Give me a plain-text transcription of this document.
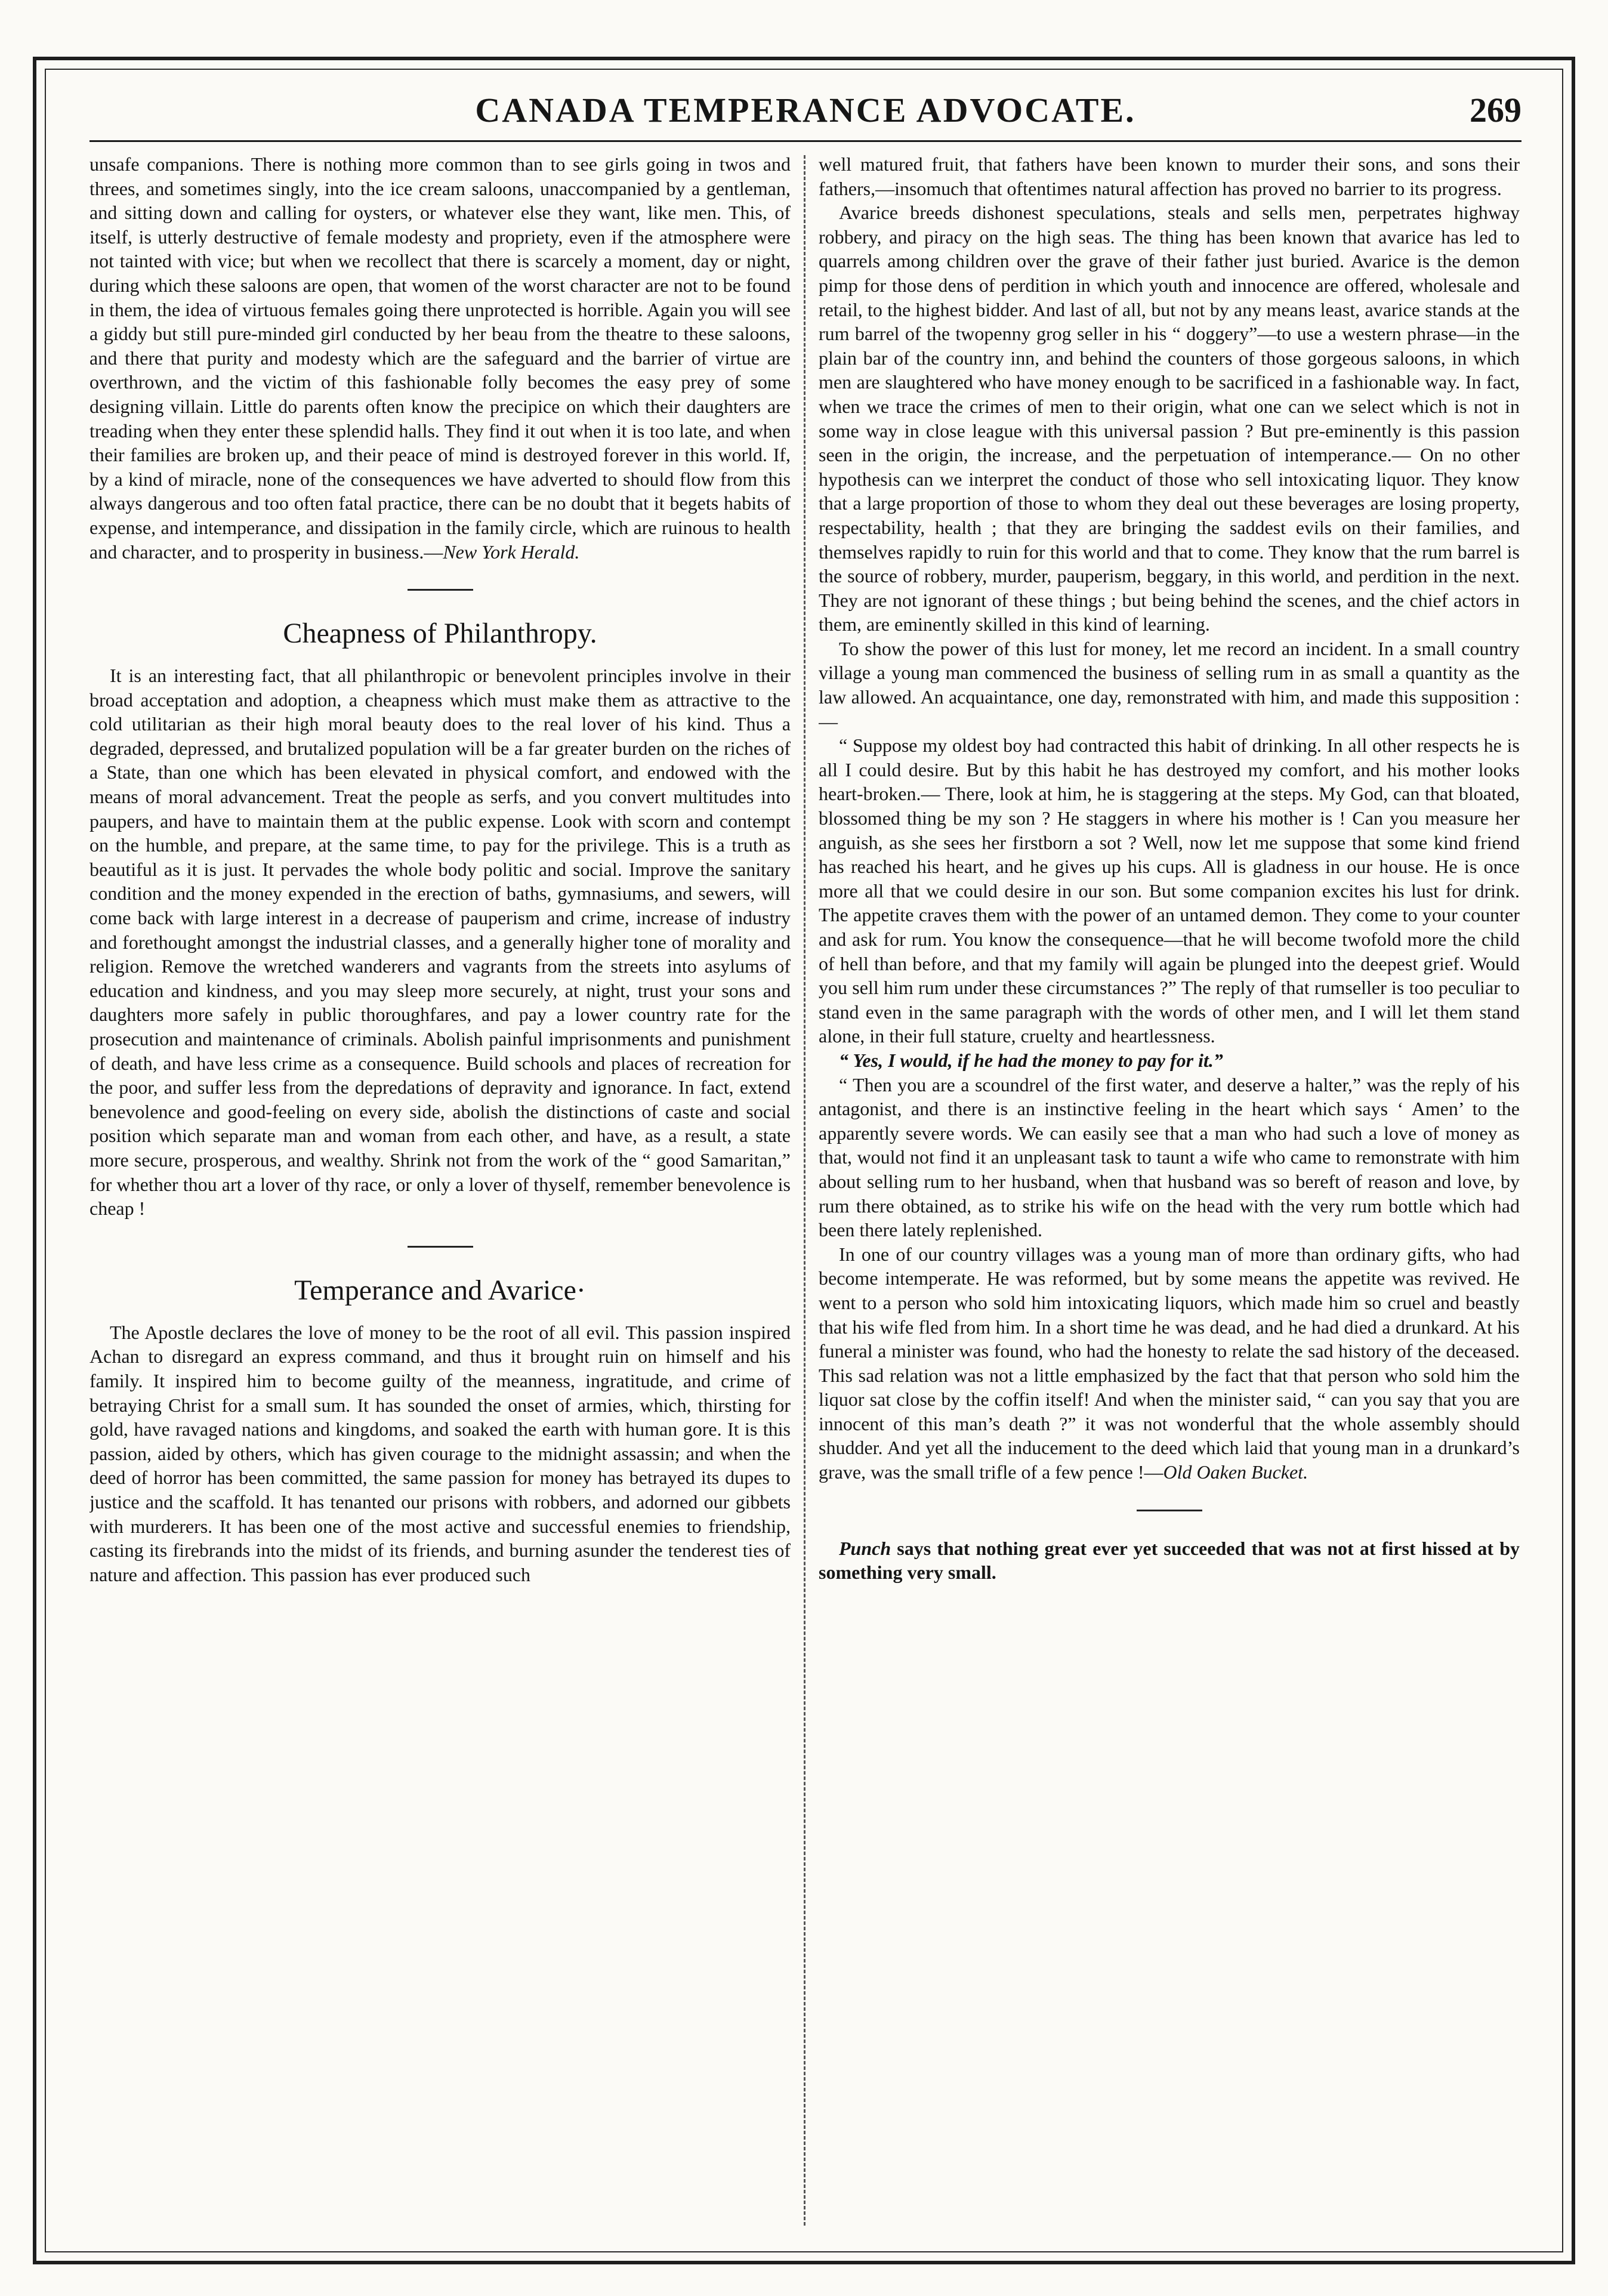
CANADA TEMPERANCE ADVOCATE.	269

unsafe companions. There is nothing more common than to see girls going in twos and threes, and sometimes singly, into the ice cream saloons, unaccompanied by a gentleman, and sitting down and calling for oysters, or whatever else they want, like men. This, of itself, is utterly destructive of female modesty and propriety, even if the atmosphere were not tainted with vice; but when we recollect that there is scarcely a moment, day or night, during which these saloons are open, that women of the worst character are not to be found in them, the idea of virtuous females going there unprotected is horrible. Again you will see a giddy but still pure-minded girl conducted by her beau from the theatre to these saloons, and there that purity and modesty which are the safeguard and the barrier of virtue are overthrown, and the victim of this fashionable folly becomes the easy prey of some designing villain. Little do parents often know the precipice on which their daughters are treading when they enter these splendid halls. They find it out when it is too late, and when their families are broken up, and their peace of mind is destroyed forever in this world. If, by a kind of miracle, none of the consequences we have adverted to should flow from this always dangerous and too often fatal practice, there can be no doubt that it begets habits of expense, and intemperance, and dissipation in the family circle, which are ruinous to health and character, and to prosperity in business.—New York Herald.

Cheapness of Philanthropy.

It is an interesting fact, that all philanthropic or benevolent principles involve in their broad acceptation and adoption, a cheapness which must make them as attractive to the cold utilitarian as their high moral beauty does to the real lover of his kind. Thus a degraded, depressed, and brutalized population will be a far greater burden on the riches of a State, than one which has been elevated in physical comfort, and endowed with the means of moral advancement. Treat the people as serfs, and you convert multitudes into paupers, and have to maintain them at the public expense. Look with scorn and contempt on the humble, and prepare, at the same time, to pay for the privilege. This is a truth as beautiful as it is just. It pervades the whole body politic and social. Improve the sanitary condition and the money expended in the erection of baths, gymnasiums, and sewers, will come back with large interest in a decrease of pauperism and crime, increase of industry and forethought amongst the industrial classes, and a generally higher tone of morality and religion. Remove the wretched wanderers and vagrants from the streets into asylums of education and kindness, and you may sleep more securely, at night, trust your sons and daughters more safely in public thoroughfares, and pay a lower country rate for the prosecution and maintenance of criminals. Abolish painful imprisonments and punishment of death, and have less crime as a consequence. Build schools and places of recreation for the poor, and suffer less from the depredations of depravity and ignorance. In fact, extend benevolence and good-feeling on every side, abolish the distinctions of caste and social position which separate man and woman from each other, and have, as a result, a state more secure, prosperous, and wealthy. Shrink not from the work of the “ good Samaritan,” for whether thou art a lover of thy race, or only a lover of thyself, remember benevolence is cheap !

Temperance and Avarice·

The Apostle declares the love of money to be the root of all evil. This passion inspired Achan to disregard an express command, and thus it brought ruin on himself and his family. It inspired him to become guilty of the meanness, ingratitude, and crime of betraying Christ for a small sum. It has sounded the onset of armies, which, thirsting for gold, have ravaged nations and kingdoms, and soaked the earth with human gore. It is this passion, aided by others, which has given courage to the midnight assassin; and when the deed of horror has been committed, the same passion for money has betrayed its dupes to justice and the scaffold. It has tenanted our prisons with robbers, and adorned our gibbets with murderers. It has been one of the most active and successful enemies to friendship, casting its firebrands into the midst of its friends, and burning asunder the tenderest ties of nature and affection. This passion has ever produced such

well matured fruit, that fathers have been known to murder their sons, and sons their fathers,—insomuch that oftentimes natural affection has proved no barrier to its progress.

Avarice breeds dishonest speculations, steals and sells men, perpetrates highway robbery, and piracy on the high seas. The thing has been known that avarice has led to quarrels among children over the grave of their father just buried. Avarice is the demon pimp for those dens of perdition in which youth and innocence are offered, wholesale and retail, to the highest bidder. And last of all, but not by any means least, avarice stands at the rum barrel of the twopenny grog seller in his “ doggery”—to use a western phrase—in the plain bar of the country inn, and behind the counters of those gorgeous saloons, in which men are slaughtered who have money enough to be sacrificed in a fashionable way. In fact, when we trace the crimes of men to their origin, what one can we select which is not in some way in close league with this universal passion ? But pre-eminently is this passion seen in the origin, the increase, and the perpetuation of intemperance.— On no other hypothesis can we interpret the conduct of those who sell intoxicating liquor. They know that a large proportion of those to whom they deal out these beverages are losing property, respectability, health ; that they are bringing the saddest evils on their families, and themselves rapidly to ruin for this world and that to come. They know that the rum barrel is the source of robbery, murder, pauperism, beggary, in this world, and perdition in the next. They are not ignorant of these things ; but being behind the scenes, and the chief actors in them, are eminently skilled in this kind of learning.

To show the power of this lust for money, let me record an incident. In a small country village a young man commenced the business of selling rum in as small a quantity as the law allowed. An acquaintance, one day, remonstrated with him, and made this supposition :—

“ Suppose my oldest boy had contracted this habit of drinking. In all other respects he is all I could desire. But by this habit he has destroyed my comfort, and his mother looks heart-broken.— There, look at him, he is staggering at the steps. My God, can that bloated, blossomed thing be my son ? He staggers in where his mother is ! Can you measure her anguish, as she sees her firstborn a sot ? Well, now let me suppose that some kind friend has reached his heart, and he gives up his cups. All is gladness in our house. He is once more all that we could desire in our son. But some companion excites his lust for drink. The appetite craves them with the power of an untamed demon. They come to your counter and ask for rum. You know the consequence—that he will become twofold more the child of hell than before, and that my family will again be plunged into the deepest grief. Would you sell him rum under these circumstances ?” The reply of that rumseller is too peculiar to stand even in the same paragraph with the words of other men, and I will let them stand alone, in their full stature, cruelty and heartlessness.

“ Yes, I would, if he had the money to pay for it.”

“ Then you are a scoundrel of the first water, and deserve a halter,” was the reply of his antagonist, and there is an instinctive feeling in the heart which says ‘ Amen’ to the apparently severe words. We can easily see that a man who had such a love of money as that, would not find it an unpleasant task to taunt a wife who came to remonstrate with him about selling rum to her husband, when that husband was so bereft of reason and love, by rum there obtained, as to strike his wife on the head with the very rum bottle which had been there lately replenished.

In one of our country villages was a young man of more than ordinary gifts, who had become intemperate. He was reformed, but by some means the appetite was revived. He went to a person who sold him intoxicating liquors, which made him so cruel and beastly that his wife fled from him. In a short time he was dead, and he had died a drunkard. At his funeral a minister was found, who had the honesty to relate the sad history of the deceased. This sad relation was not a little emphasized by the fact that that person who sold him the liquor sat close by the coffin itself! And when the minister said, “ can you say that you are innocent of this man’s death ?” it was not wonderful that the whole assembly should shudder. And yet all the inducement to the deed which laid that young man in a drunkard’s grave, was the small trifle of a few pence !—Old Oaken Bucket.

Punch says that nothing great ever yet succeeded that was not at first hissed at by something very small.
